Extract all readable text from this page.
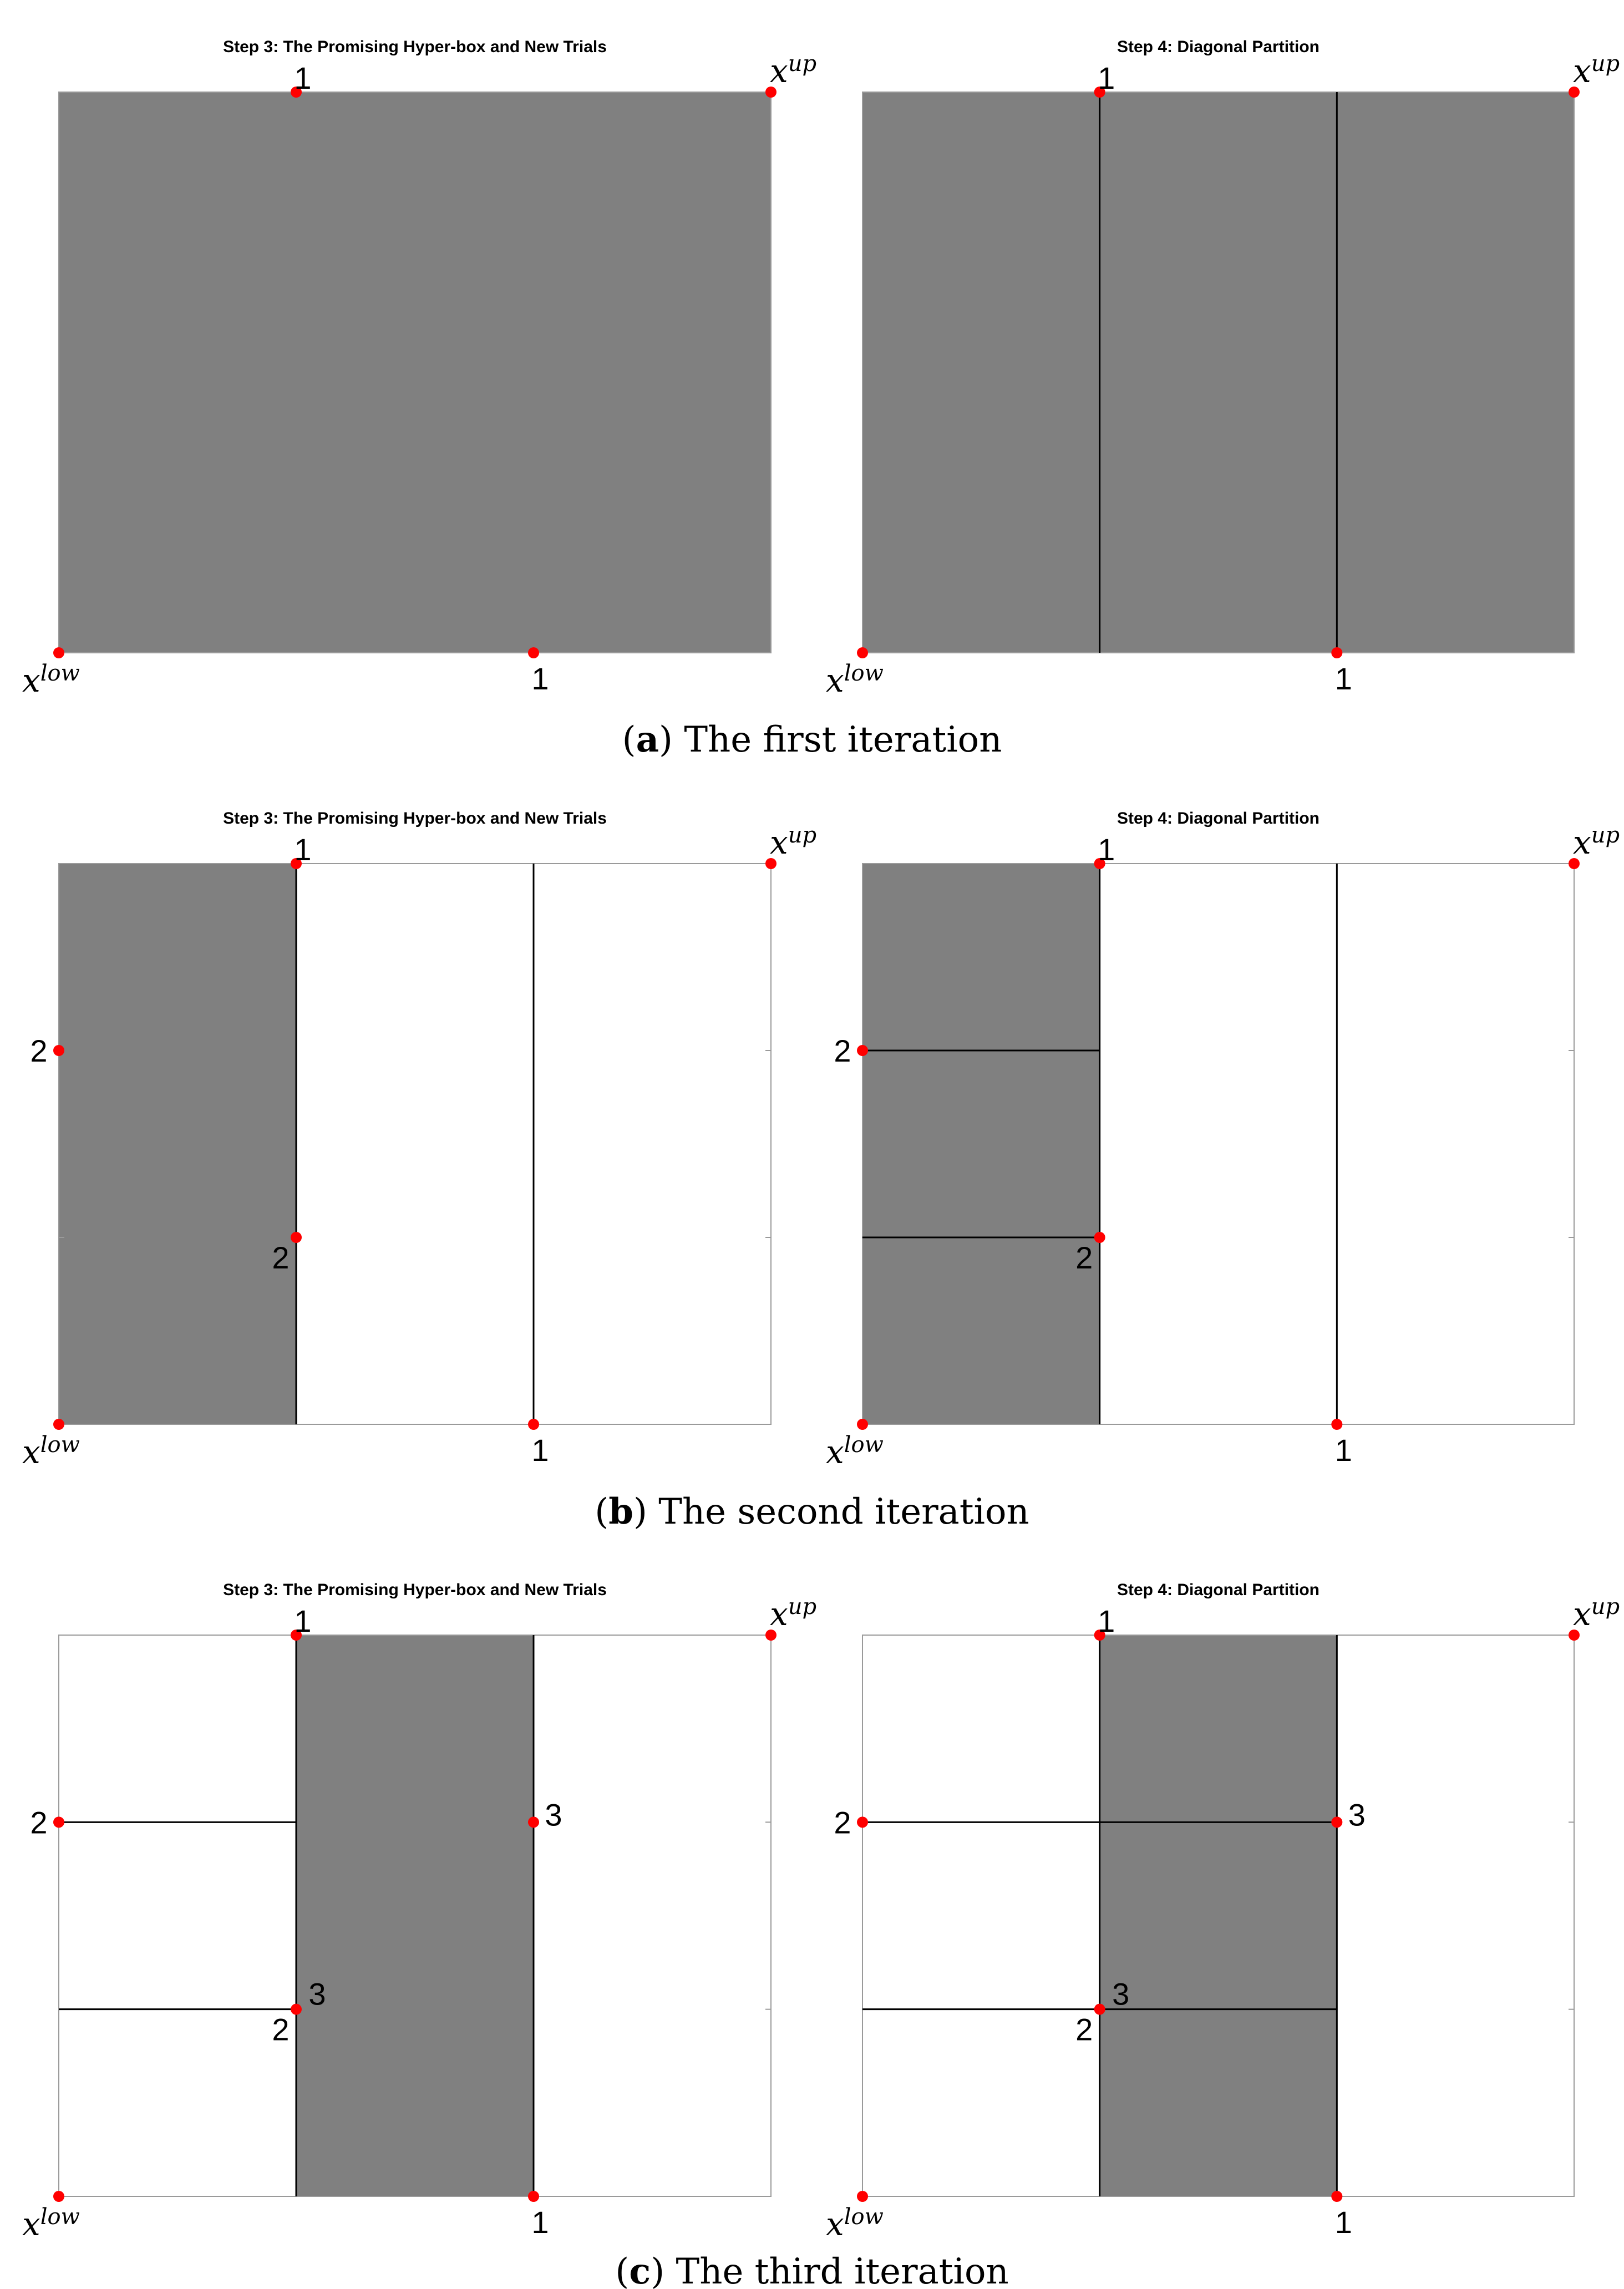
Step 3: The Promising Hyper-box and New Trials
1
1
$x^{low}$
$x^{up}$
Step 4: Diagonal Partition
1
1
$x^{low}$
$x^{up}$
Step 3: The Promising Hyper-box and New Trials
1
1
2
2
$x^{low}$
$x^{up}$
Step 4: Diagonal Partition
1
1
2
2
$x^{low}$
$x^{up}$
Step 3: The Promising Hyper-box and New Trials
1
1
2
2
3
3
$x^{low}$
$x^{up}$
Step 4: Diagonal Partition
1
1
2
2
3
3
$x^{low}$
$x^{up}$
(a) The first iteration
(b) The second iteration
(c) The third iteration
